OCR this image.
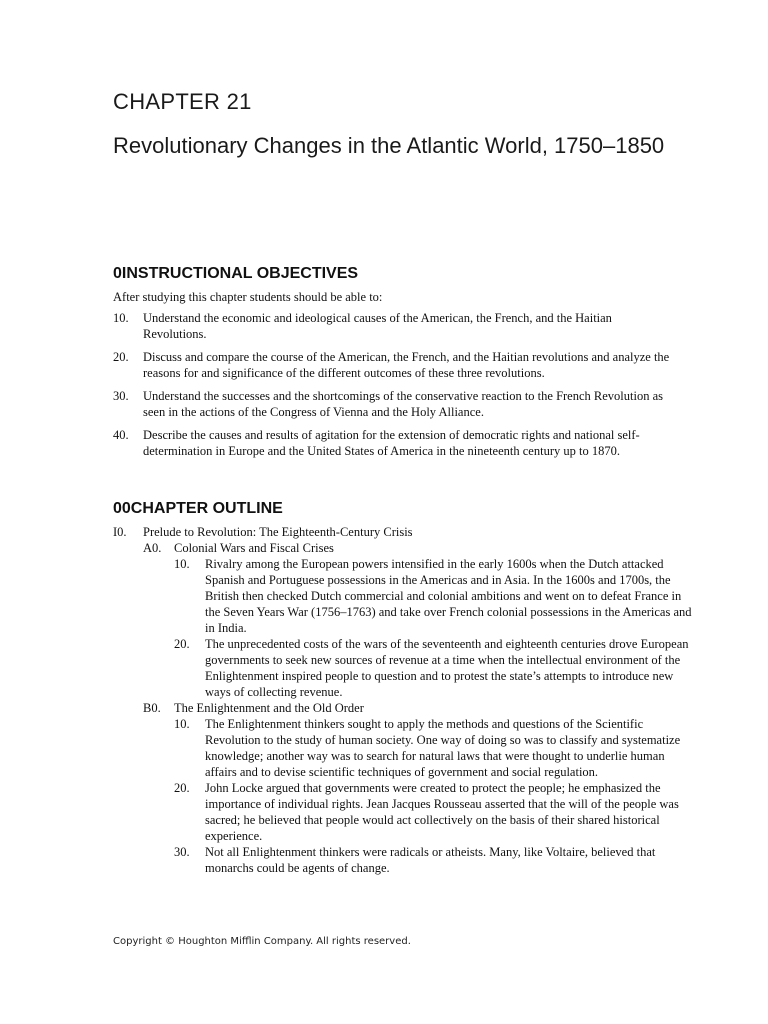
CHAPTER 21
Revolutionary Changes in the Atlantic World, 1750–1850
0INSTRUCTIONAL OBJECTIVES
After studying this chapter students should be able to:
10.	Understand the economic and ideological causes of the American, the French, and the Haitian Revolutions.
20.	Discuss and compare the course of the American, the French, and the Haitian revolutions and analyze the reasons for and significance of the different outcomes of these three revolutions.
30.	Understand the successes and the shortcomings of the conservative reaction to the French Revolution as seen in the actions of the Congress of Vienna and the Holy Alliance.
40.	Describe the causes and results of agitation for the extension of democratic rights and national self-determination in Europe and the United States of America in the nineteenth century up to 1870.
00CHAPTER OUTLINE
I0.	Prelude to Revolution: The Eighteenth-Century Crisis
A0.	Colonial Wars and Fiscal Crises
10.	Rivalry among the European powers intensified in the early 1600s when the Dutch attacked Spanish and Portuguese possessions in the Americas and in Asia. In the 1600s and 1700s, the British then checked Dutch commercial and colonial ambitions and went on to defeat France in the Seven Years War (1756–1763) and take over French colonial possessions in the Americas and in India.
20.	The unprecedented costs of the wars of the seventeenth and eighteenth centuries drove European governments to seek new sources of revenue at a time when the intellectual environment of the Enlightenment inspired people to question and to protest the state’s attempts to introduce new ways of collecting revenue.
B0.	The Enlightenment and the Old Order
10.	The Enlightenment thinkers sought to apply the methods and questions of the Scientific Revolution to the study of human society. One way of doing so was to classify and systematize knowledge; another way was to search for natural laws that were thought to underlie human affairs and to devise scientific techniques of government and social regulation.
20.	John Locke argued that governments were created to protect the people; he emphasized the importance of individual rights. Jean Jacques Rousseau asserted that the will of the people was sacred; he believed that people would act collectively on the basis of their shared historical experience.
30.	Not all Enlightenment thinkers were radicals or atheists. Many, like Voltaire, believed that monarchs could be agents of change.
Copyright © Houghton Mifflin Company. All rights reserved.
